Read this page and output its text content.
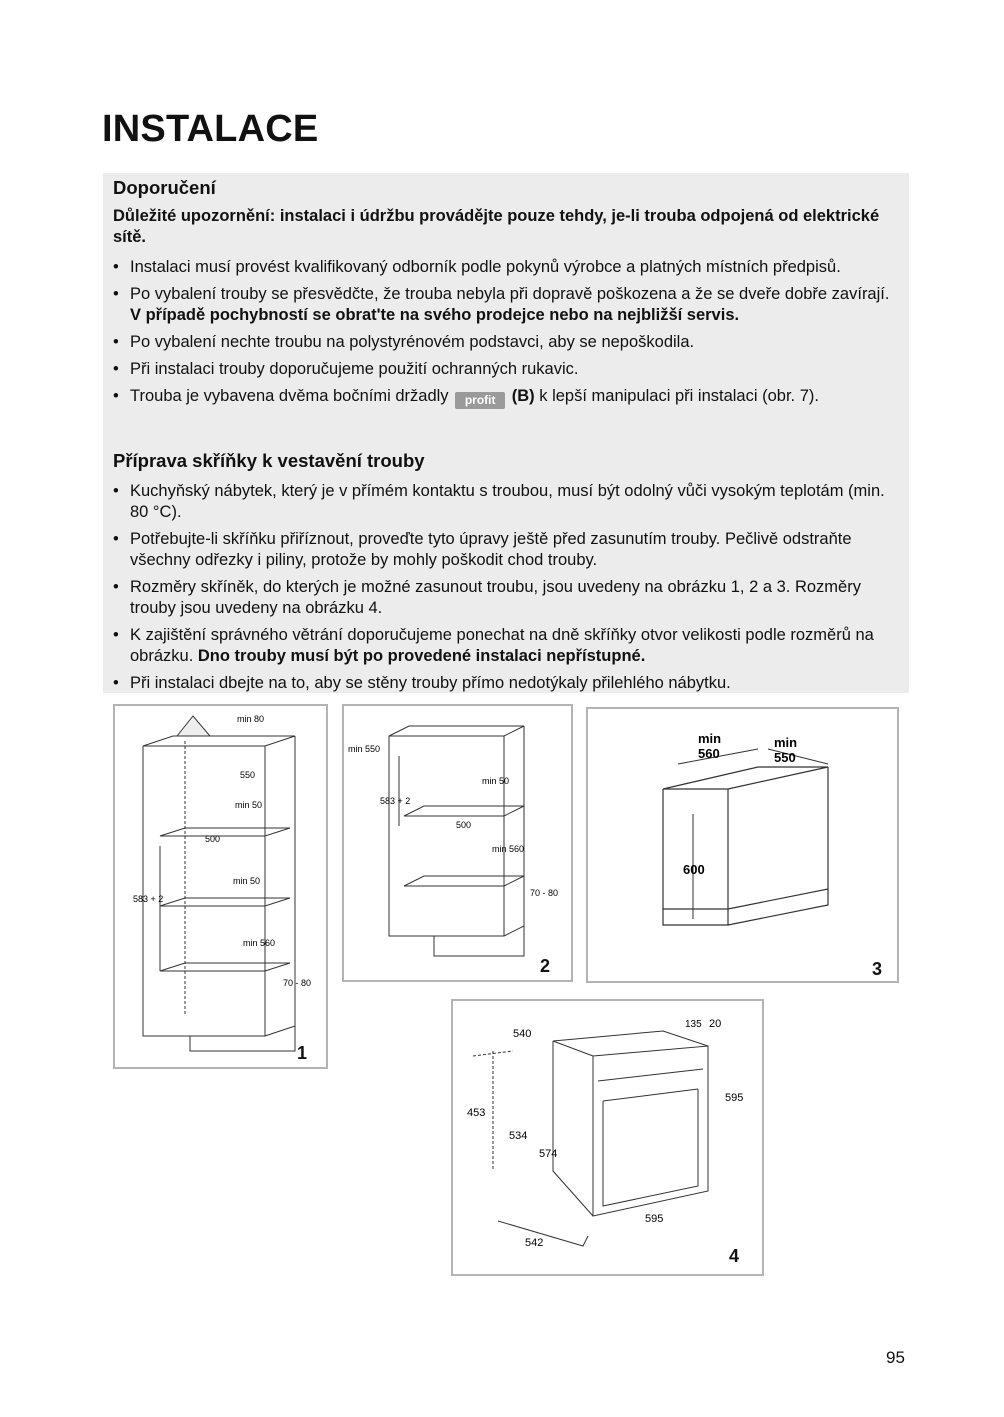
INSTALACE
Doporučení

Důležité upozornění: instalaci i údržbu provádějte pouze tehdy, je-li trouba odpojená od elektrické sítě.

• Instalaci musí provést kvalifikovaný odborník podle pokynů výrobce a platných místních předpisů.
• Po vybalení trouby se přesvědčte, že trouba nebyla při dopravě poškozena a že se dveře dobře zavírají. V případě pochybností se obrat'te na svého prodejce nebo na nejbližší servis.
• Po vybalení nechte troubu na polystyrénovém podstavci, aby se nepoškodila.
• Při instalaci trouby doporučujeme použití ochranných rukavic.
• Trouba je vybavena dvěma bočními držadly profit (B) k lepší manipulaci při instalaci (obr. 7).
Příprava skříňky k vestavění trouby
• Kuchyňský nábytek, který je v přímém kontaktu s troubou, musí být odolný vůči vysokým teplotám (min. 80 °C).
• Potřebujte-li skříňku přiříznout, proveďte tyto úpravy ještě před zasunutím trouby. Pečlivě odstraňte všechny odřezky i piliny, protože by mohly poškodit chod trouby.
• Rozměry skříněk, do kterých je možné zasunout troubu, jsou uvedeny na obrázku 1, 2 a 3. Rozměry trouby jsou uvedeny na obrázku 4.
• K zajištění správného větrání doporučujeme ponechat na dně skříňky otvor velikosti podle rozměrů na obrázku. Dno trouby musí být po provedené instalaci nepřístupné.
• Při instalaci dbejte na to, aby se stěny trouby přímo nedotýkaly přilehlého nábytku.
min 80
550
min 50
500
583 + 2
min 50
min 560
70 - 80
1
min 550
min 50
583 + 2
500
min 560
70 - 80
2
min
560
min
550
600
3
540
135 20
595
453
534
574
595
542
4
95
